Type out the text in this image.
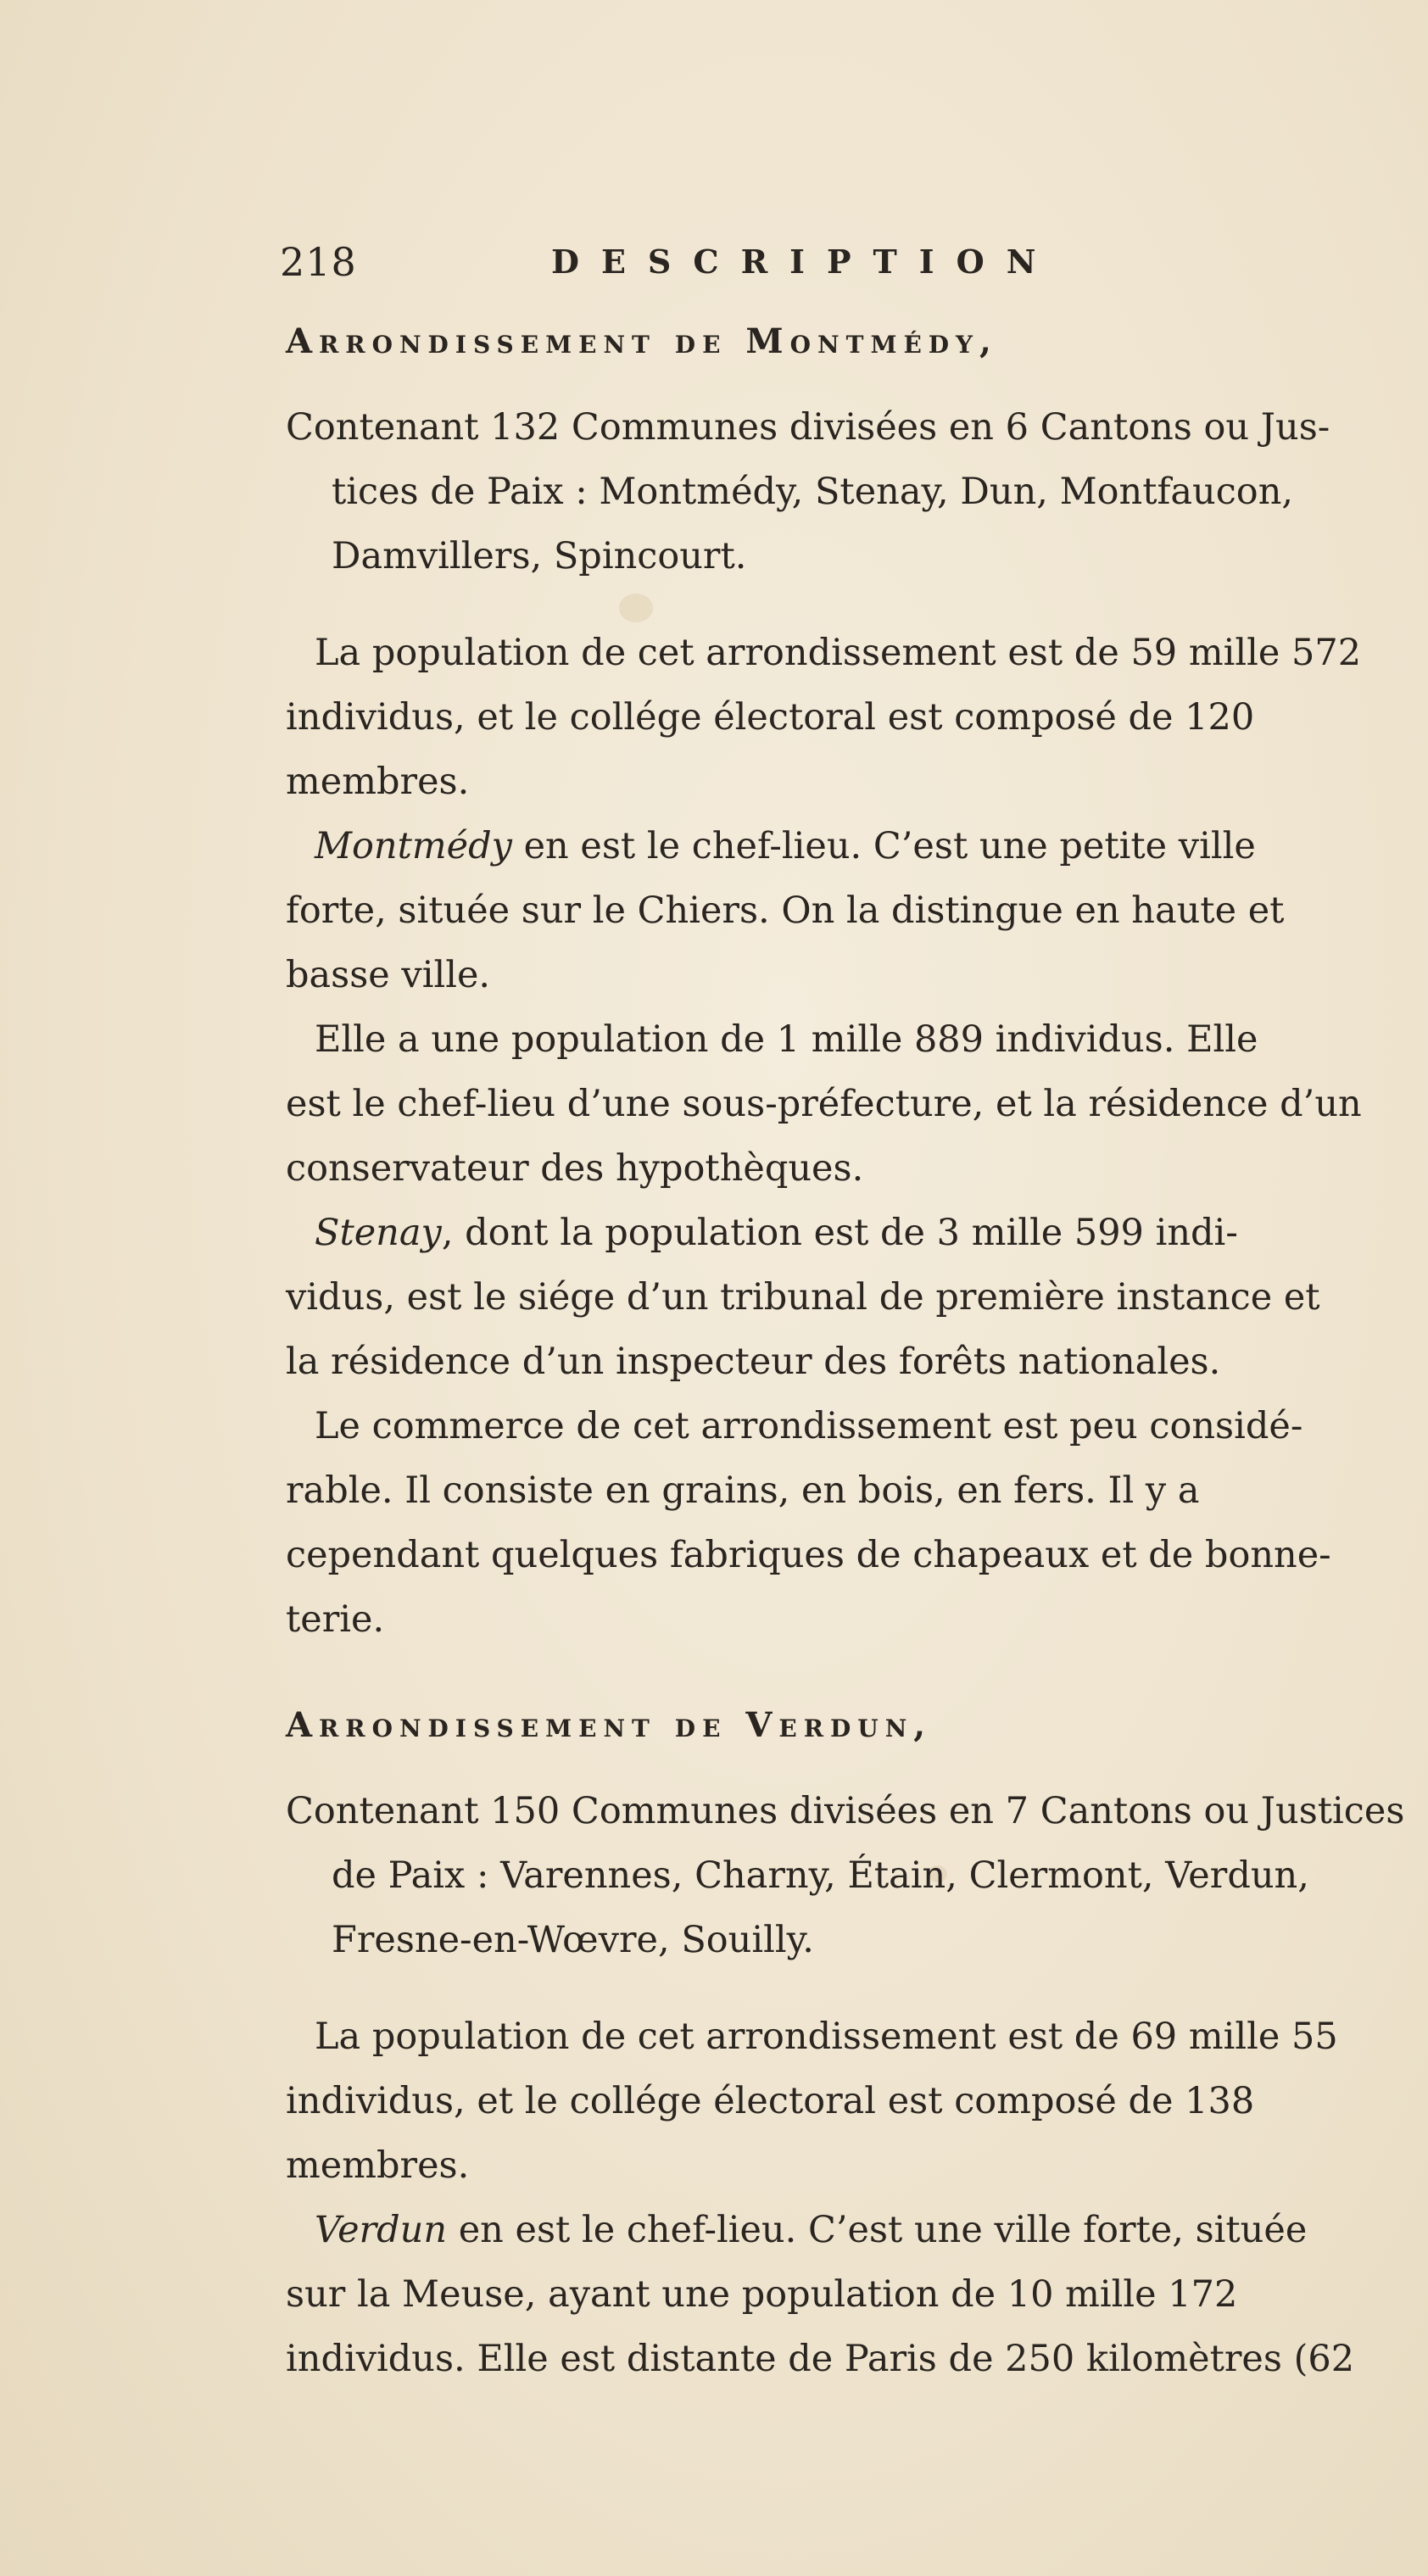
218	DESCRIPTION
Arrondissement de Montmédy,

Contenant 132 Communes divisées en 6 Cantons ou Jus-

tices de Paix : Montmédy, Stenay, Dun, Montfaucon,

Damvillers, Spincourt.

La population de cet arrondissement est de 59 mille 572

individus, et le collége électoral est composé de 120

membres.

Montmédy en est le chef-lieu. C’est une petite ville

forte, située sur le Chiers. On la distingue en haute et

basse ville.

Elle a une population de 1 mille 889 individus. Elle

est le chef-lieu d’une sous-préfecture, et la résidence d’un

conservateur des hypothèques.

Stenay, dont la population est de 3 mille 599 indi-

vidus, est le siége d’un tribunal de première instance et

la résidence d’un inspecteur des forêts nationales.

Le commerce de cet arrondissement est peu considé-

rable. Il consiste en grains, en bois, en fers. Il y a

cependant quelques fabriques de chapeaux et de bonne-

terie.

Arrondissement de Verdun,

Contenant 150 Communes divisées en 7 Cantons ou Justices

de Paix : Varennes, Charny, Étain, Clermont, Verdun,

Fresne-en-Wœvre, Souilly.

La population de cet arrondissement est de 69 mille 55

individus, et le collége électoral est composé de 138

membres.

Verdun en est le chef-lieu. C’est une ville forte, située

sur la Meuse, ayant une population de 10 mille 172

individus. Elle est distante de Paris de 250 kilomètres (62
